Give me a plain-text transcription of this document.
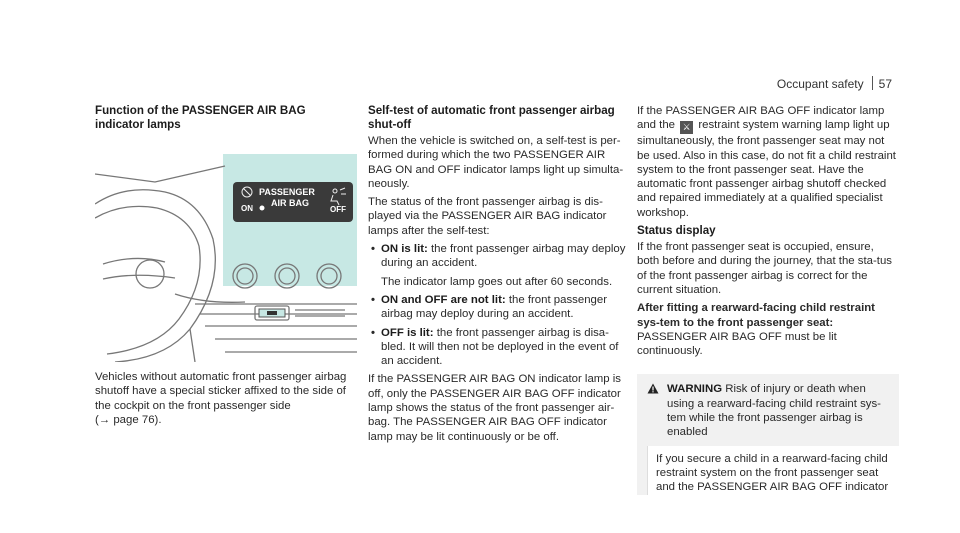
Occupant safety 57
Function of the PASSENGER AIR BAG indicator lamps
PASSENGER
AIR BAG
ON	OFF

Vehicles without automatic front passenger airbag shutoff have a special sticker affixed to the side of the cockpit on the front passenger side
(→ page 76).

Self-test of automatic front passenger airbag shut-off

When the vehicle is switched on, a self-test is per-formed during which the two PASSENGER AIR BAG ON and OFF indicator lamps light up simulta-neously.

The status of the front passenger airbag is dis-played via the PASSENGER AIR BAG indicator lamps after the self-test:

• ON is lit: the front passenger airbag may deploy during an accident.
The indicator lamp goes out after 60 seconds.
• ON and OFF are not lit: the front passenger airbag may deploy during an accident.
• OFF is lit: the front passenger airbag is disa-bled. It will then not be deployed in the event of an accident.

If the PASSENGER AIR BAG ON indicator lamp is off, only the PASSENGER AIR BAG OFF indicator lamp shows the status of the front passenger air-bag. The PASSENGER AIR BAG OFF indicator lamp may be lit continuously or be off.

If the PASSENGER AIR BAG OFF indicator lamp and the ⚔ restraint system warning lamp light up simultaneously, the front passenger seat may not be used. Also in this case, do not fit a child restraint system to the front passenger seat. Have the automatic front passenger airbag shutoff checked and repaired immediately at a qualified specialist workshop.

Status display

If the front passenger seat is occupied, ensure, both before and during the journey, that the sta-tus of the front passenger airbag is correct for the current situation.

After fitting a rearward-facing child restraint sys-tem to the front passenger seat: PASSENGER AIR BAG OFF must be lit continuously.

WARNING Risk of injury or death when using a rearward-facing child restraint sys-tem while the front passenger airbag is enabled
If you secure a child in a rearward-facing child restraint system on the front passenger seat and the PASSENGER AIR BAG OFF indicator
